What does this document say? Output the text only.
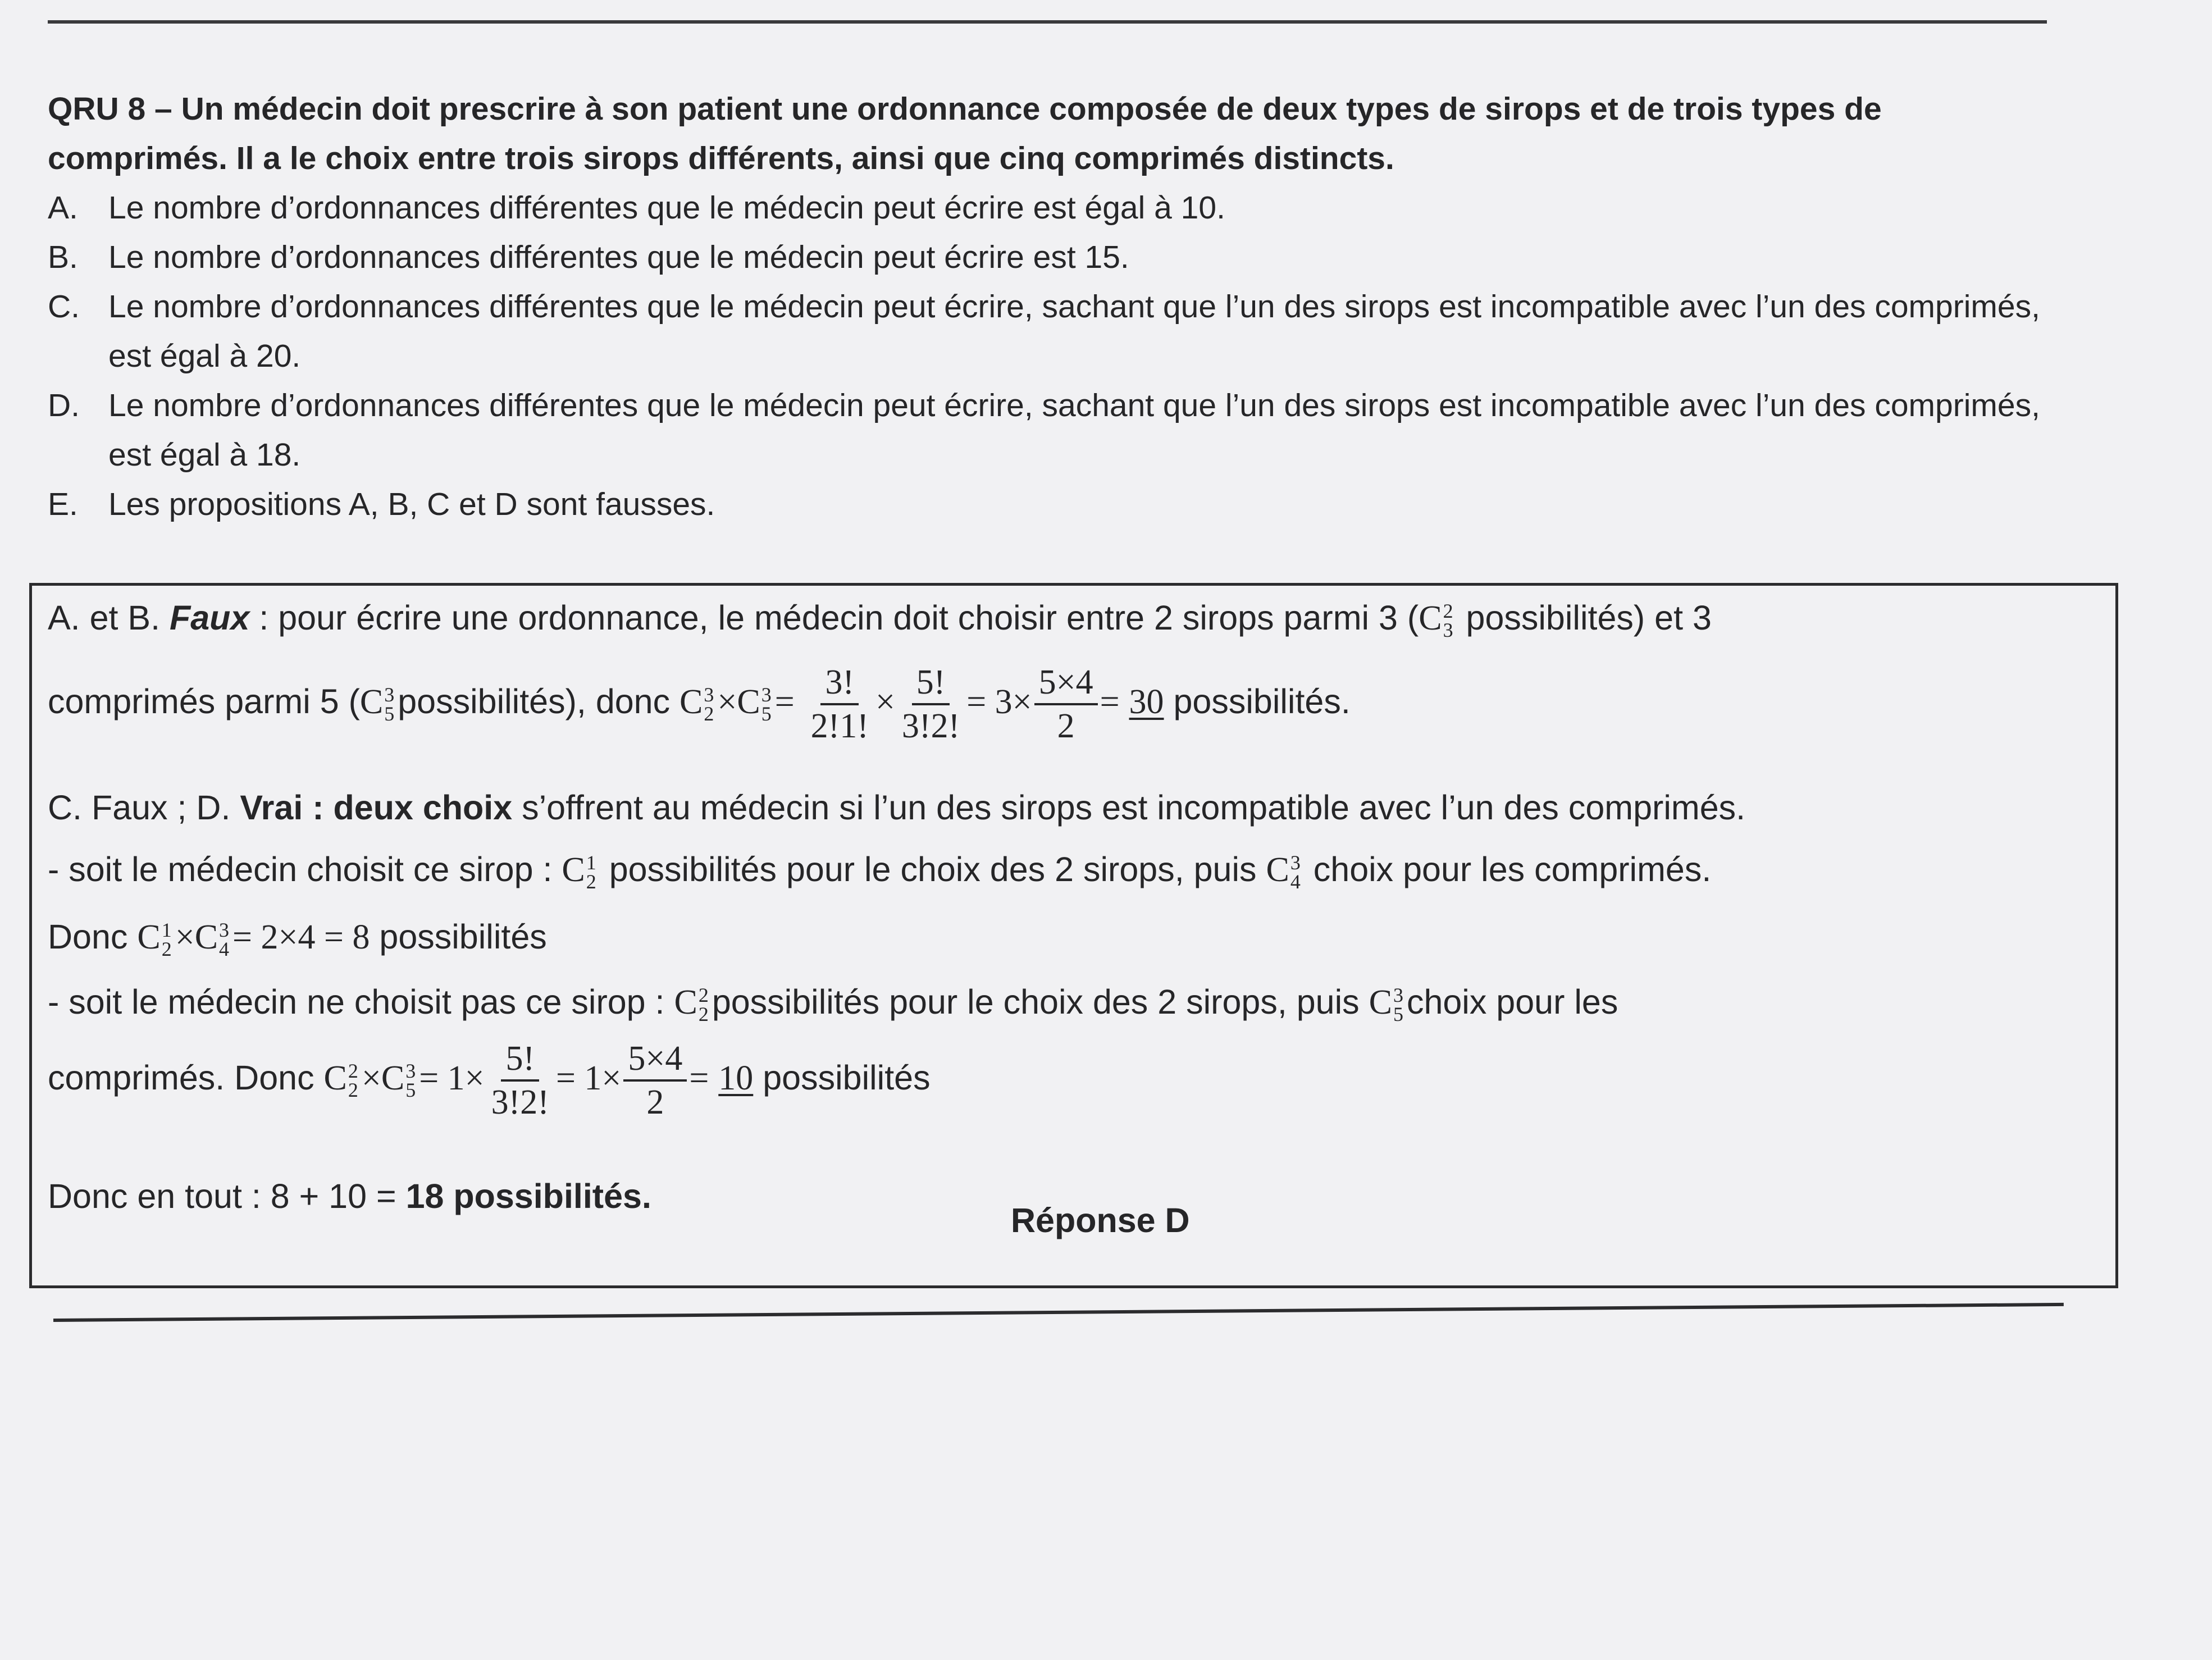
QRU 8 – Un médecin doit prescrire à son patient une ordonnance composée de deux types de sirops et de trois types de comprimés. Il a le choix entre trois sirops différents, ainsi que cinq comprimés distincts.
A. Le nombre d’ordonnances différentes que le médecin peut écrire est égal à 10.
B. Le nombre d’ordonnances différentes que le médecin peut écrire est 15.
C. Le nombre d’ordonnances différentes que le médecin peut écrire, sachant que l’un des sirops est incompatible avec l’un des comprimés, est égal à 20.
D. Le nombre d’ordonnances différentes que le médecin peut écrire, sachant que l’un des sirops est incompatible avec l’un des comprimés, est égal à 18.
E. Les propositions A, B, C et D sont fausses.
A. et B. Faux : pour écrire une ordonnance, le médecin doit choisir entre 2 sirops parmi 3 (C 2
3 possibilités) et 3
comprimés parmi 5 (C 3
5 possibilités), donc C 3
2 ×C 3
$5 = \frac{3!}{2!1!} \times \frac{5!}{3!2!} = 3\times \frac{5\times 4}{2} = 30$ possibilités.
C. Faux ; D. Vrai : deux choix s’offrent au médecin si l’un des sirops est incompatible avec l’un des comprimés.
- soit le médecin choisit ce sirop : C 1
2 possibilités pour le choix des 2 sirops, puis C 3
4 choix pour les comprimés.
Donc C 1
2 ×C 3
4 = 2×4 = 8 possibilités
- soit le médecin ne choisit pas ce sirop : C 2
2 possibilités pour le choix des 2 sirops, puis C 3
5 choix pour les
comprimés. Donc C 2
2 ×C 3
$5 = 1\times \frac{5!}{3!2!} = 1\times \frac{5\times 4}{2} = 10$ possibilités
Donc en tout : 8 + 10 = 18 possibilités.
Réponse D
